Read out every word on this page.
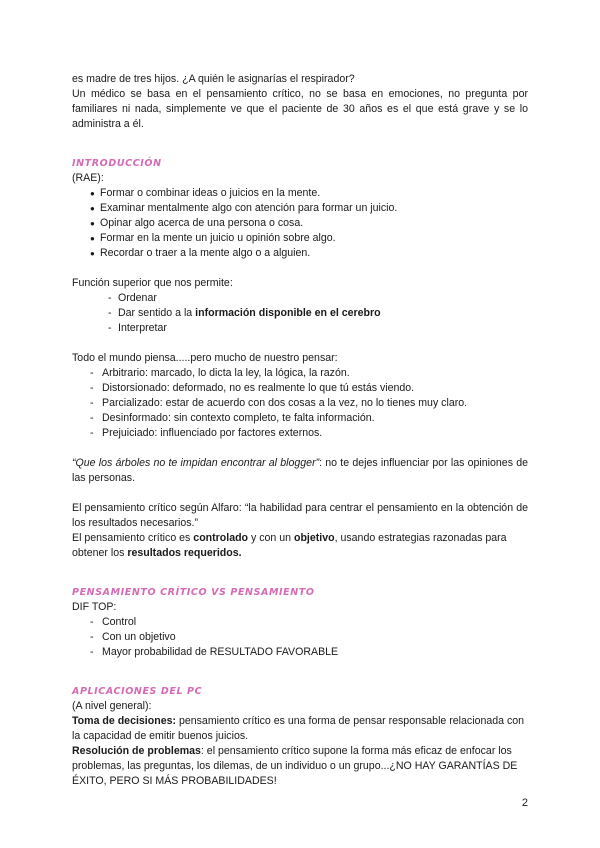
es madre de tres hijos. ¿A quién le asignarías el respirador?

Un médico se basa en el pensamiento crítico, no se basa en emociones, no pregunta por familiares ni nada, simplemente ve que el paciente de 30 años es el que está grave y se lo administra a él.

INTRODUCCIÓN

(RAE):

● Formar o combinar ideas o juicios en la mente.
● Examinar mentalmente algo con atención para formar un juicio.
● Opinar algo acerca de una persona o cosa.
● Formar en la mente un juicio u opinión sobre algo.
● Recordar o traer a la mente algo o a alguien.

Función superior que nos permite:

- Ordenar
- Dar sentido a la información disponible en el cerebro
- Interpretar

Todo el mundo piensa.....pero mucho de nuestro pensar:

- Arbitrario: marcado, lo dicta la ley, la lógica, la razón.
- Distorsionado: deformado, no es realmente lo que tú estás viendo.
- Parcializado: estar de acuerdo con dos cosas a la vez, no lo tienes muy claro.
- Desinformado: sin contexto completo, te falta información.
- Prejuiciado: influenciado por factores externos.

“Que los árboles no te impidan encontrar al blogger”: no te dejes influenciar por las opiniones de las personas.

El pensamiento crítico según Alfaro: “la habilidad para centrar el pensamiento en la obtención de los resultados necesarios.”

El pensamiento crítico es controlado y con un objetivo, usando estrategias razonadas para obtener los resultados requeridos.

PENSAMIENTO CRÍTICO VS PENSAMIENTO

DIF TOP:

- Control
- Con un objetivo
- Mayor probabilidad de RESULTADO FAVORABLE

APLICACIONES DEL PC

(A nivel general):

Toma de decisiones: pensamiento crítico es una forma de pensar responsable relacionada con la capacidad de emitir buenos juicios.

Resolución de problemas: el pensamiento crítico supone la forma más eficaz de enfocar los problemas, las preguntas, los dilemas, de un individuo o un grupo...¿NO HAY GARANTÍAS DE ÉXITO, PERO SI MÁS PROBABILIDADES!

2
